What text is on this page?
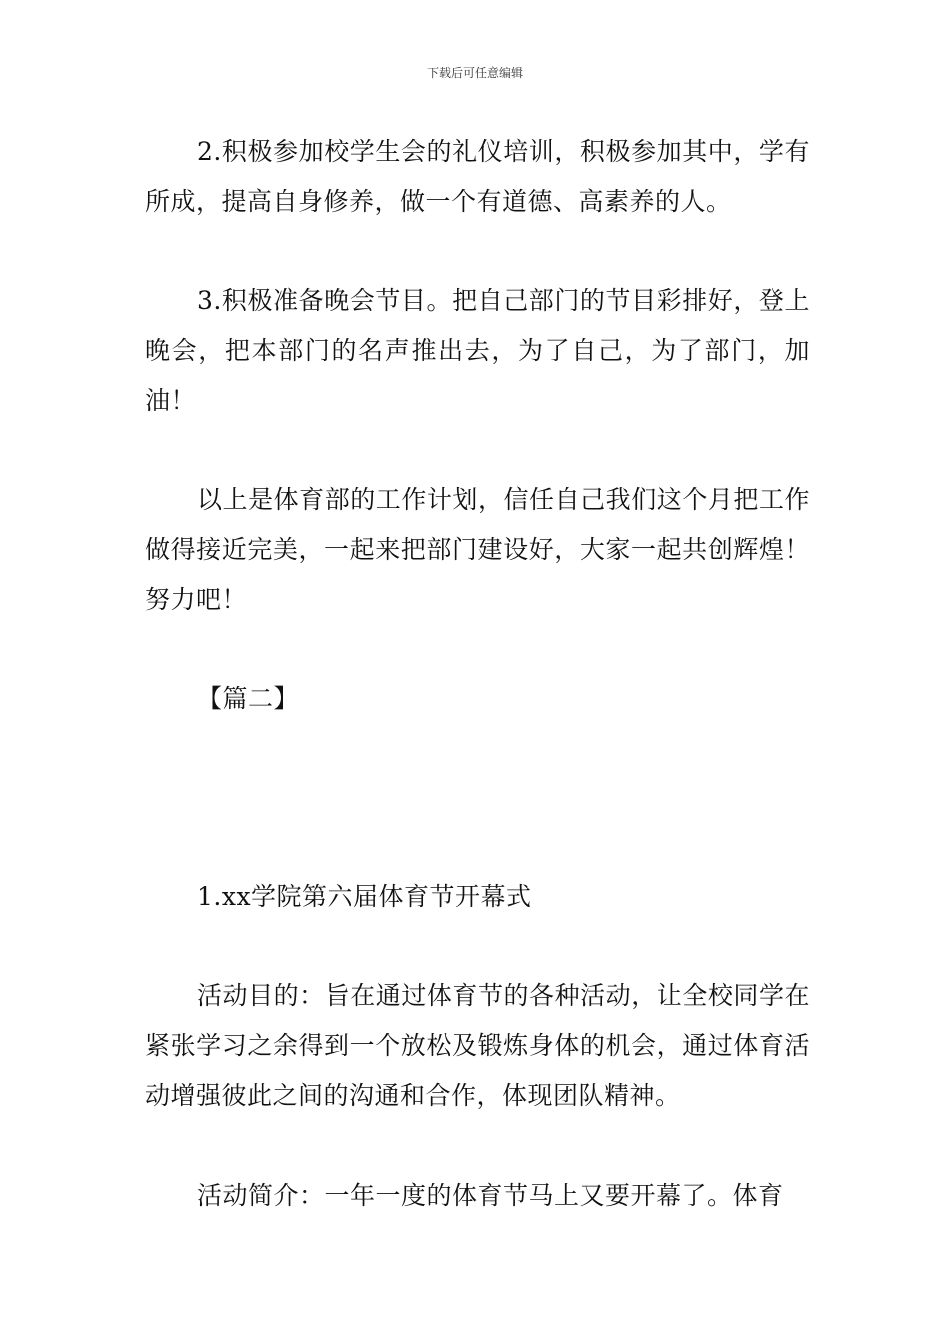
下载后可任意编辑

2.积极参加校学生会的礼仪培训，积极参加其中，学有所成，提高自身修养，做一个有道德、高素养的人。

3.积极准备晚会节目。把自己部门的节目彩排好，登上晚会，把本部门的名声推出去，为了自己，为了部门，加油！

以上是体育部的工作计划，信任自己我们这个月把工作做得接近完美，一起来把部门建设好，大家一起共创辉煌！努力吧！

【篇二】

1.xx学院第六届体育节开幕式

活动目的：旨在通过体育节的各种活动，让全校同学在紧张学习之余得到一个放松及锻炼身体的机会，通过体育活动增强彼此之间的沟通和合作，体现团队精神。

活动简介：一年一度的体育节马上又要开幕了。体育
